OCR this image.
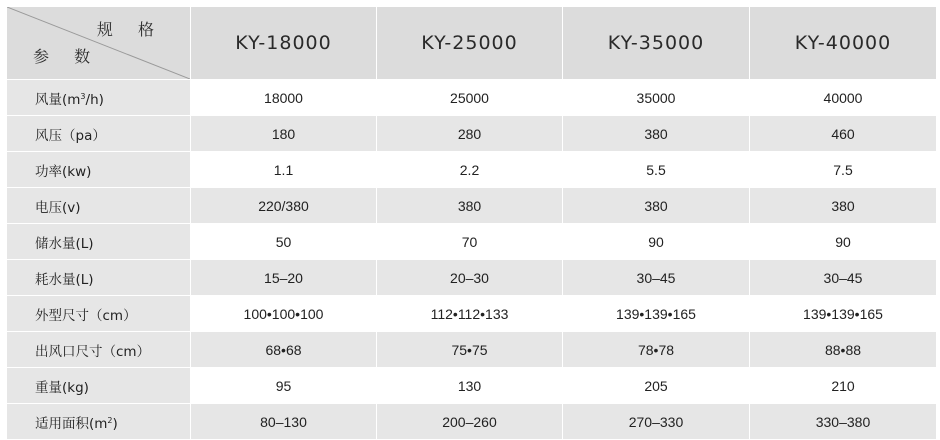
规 格
参 数	KY-18000	KY-25000	KY-35000	KY-40000
风量$(m^3/h)$	18000	25000	35000	40000
风压（pa）	180	280	380	460
功率(kw)	1.1	2.2	5.5	7.5
电压(v)	220/380	380	380	380
储水量(L)	50	70	90	90
耗水量(L)	15–20	20–30	30–45	30–45
外型尺寸（cm）	100•100•100	112•112•133	139•139•165	139•139•165
出风口尺寸（cm）	68•68	75•75	78•78	88•88
重量(kg)	95	130	205	210
适用面积$(m^2)$	80–130	200–260	270–330	330–380
